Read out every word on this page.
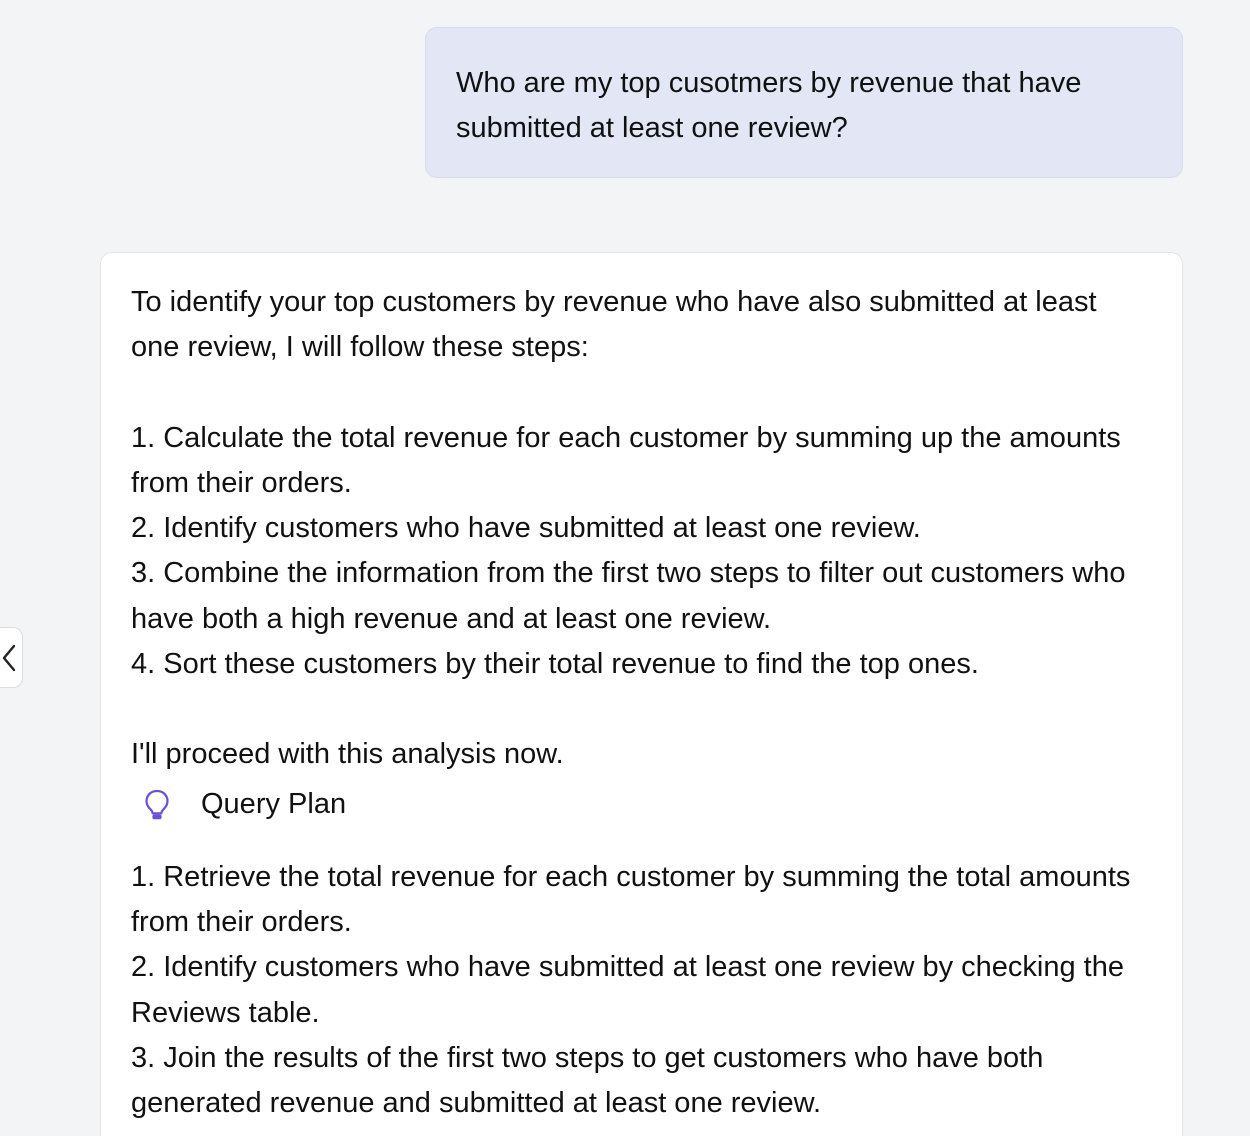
Who are my top cusotmers by revenue that have submitted at least one review?

To identify your top customers by revenue who have also submitted at least one review, I will follow these steps:

1. Calculate the total revenue for each customer by summing up the amounts from their orders.

2. Identify customers who have submitted at least one review.

3. Combine the information from the first two steps to filter out customers who have both a high revenue and at least one review.

4. Sort these customers by their total revenue to find the top ones.

I'll proceed with this analysis now.

Query Plan

1. Retrieve the total revenue for each customer by summing the total amounts from their orders.

2. Identify customers who have submitted at least one review by checking the Reviews table.

3. Join the results of the first two steps to get customers who have both generated revenue and submitted at least one review.
